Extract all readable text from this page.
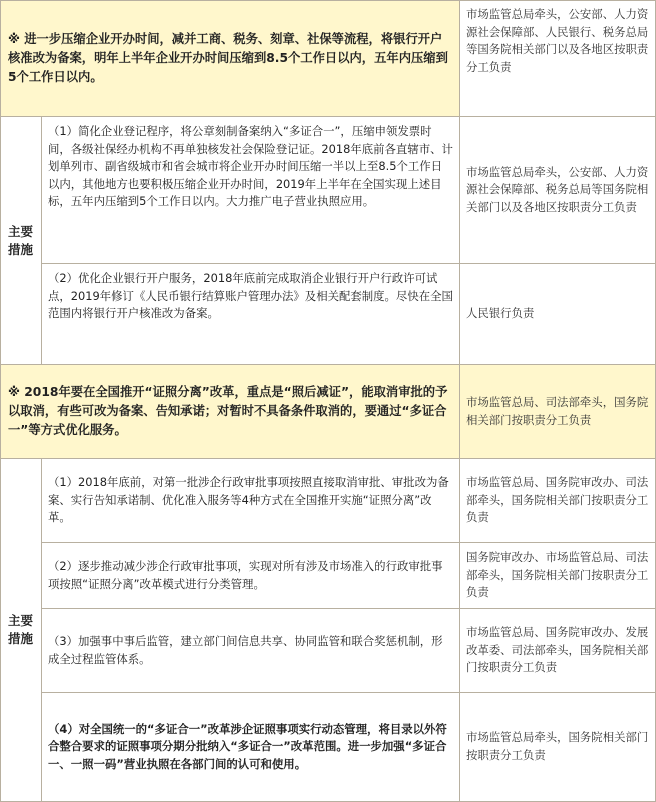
※ 进一步压缩企业开办时间，减并工商、税务、刻章、社保等流程，将银行开户核准改为备案，明年上半年企业开办时间压缩到8.5个工作日以内，五年内压缩到5个工作日以内。
市场监管总局牵头，公安部、人力资源社会保障部、人民银行、税务总局等国务院相关部门以及各地区按职责分工负责
主要措施
（1）简化企业登记程序，将公章刻制备案纳入“多证合一”，压缩申领发票时间，各级社保经办机构不再单独核发社会保险登记证。2018年底前各直辖市、计划单列市、副省级城市和省会城市将企业开办时间压缩一半以上至8.5个工作日以内，其他地方也要积极压缩企业开办时间，2019年上半年在全国实现上述目标，五年内压缩到5个工作日以内。大力推广电子营业执照应用。
市场监管总局牵头，公安部、人力资源社会保障部、税务总局等国务院相关部门以及各地区按职责分工负责
（2）优化企业银行开户服务，2018年底前完成取消企业银行开户行政许可试点，2019年修订《人民币银行结算账户管理办法》及相关配套制度。尽快在全国范围内将银行开户核准改为备案。	人民银行负责
※ 2018年要在全国推开“证照分离”改革，重点是“照后减证”，能取消审批的予以取消，有些可改为备案、告知承诺；对暂时不具备条件取消的，要通过“多证合一”等方式优化服务。
市场监管总局、司法部牵头，国务院相关部门按职责分工负责
主要措施
（1）2018年底前，对第一批涉企行政审批事项按照直接取消审批、审批改为备案、实行告知承诺制、优化准入服务等4种方式在全国推开实施“证照分离”改革。
市场监管总局、国务院审改办、司法部牵头，国务院相关部门按职责分工负责
（2）逐步推动减少涉企行政审批事项，实现对所有涉及市场准入的行政审批事项按照“证照分离”改革模式进行分类管理。
国务院审改办、市场监管总局、司法部牵头，国务院相关部门按职责分工负责
（3）加强事中事后监管，建立部门间信息共享、协同监管和联合奖惩机制，形成全过程监管体系。
市场监管总局、国务院审改办、发展改革委、司法部牵头，国务院相关部门按职责分工负责
（4）对全国统一的“多证合一”改革涉企证照事项实行动态管理，将目录以外符合整合要求的证照事项分期分批纳入“多证合一”改革范围。进一步加强“多证合一、一照一码”营业执照在各部门间的认可和使用。
市场监管总局牵头，国务院相关部门按职责分工负责
